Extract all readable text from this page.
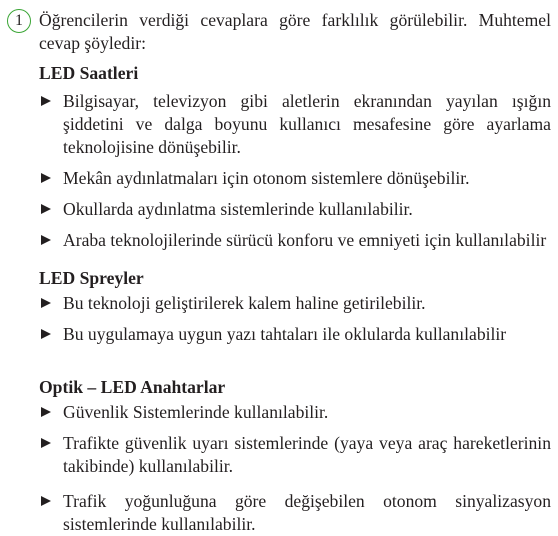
1 Öğrencilerin verdiği cevaplara göre farklılık görülebilir. Muhtemel cevap şöyledir:

LED Saatleri

Bilgisayar, televizyon gibi aletlerin ekranından yayılan ışığın şiddetini ve dalga boyunu kullanıcı mesafesine göre ayarlama teknolojisine dönüşebilir.
Mekân aydınlatmaları için otonom sistemlere dönüşebilir.
Okullarda aydınlatma sistemlerinde kullanılabilir.
Araba teknolojilerinde sürücü konforu ve emniyeti için kullanılabilir

LED Spreyler

Bu teknoloji geliştirilerek kalem haline getirilebilir.
Bu uygulamaya uygun yazı tahtaları ile oklularda kullanılabilir

Optik – LED Anahtarlar

Güvenlik Sistemlerinde kullanılabilir.
Trafikte güvenlik uyarı sistemlerinde (yaya veya araç hareketlerinin takibinde) kullanılabilir.
Trafik yoğunluğuna göre değişebilen otonom sinyalizasyon sistemlerinde kullanılabilir.
